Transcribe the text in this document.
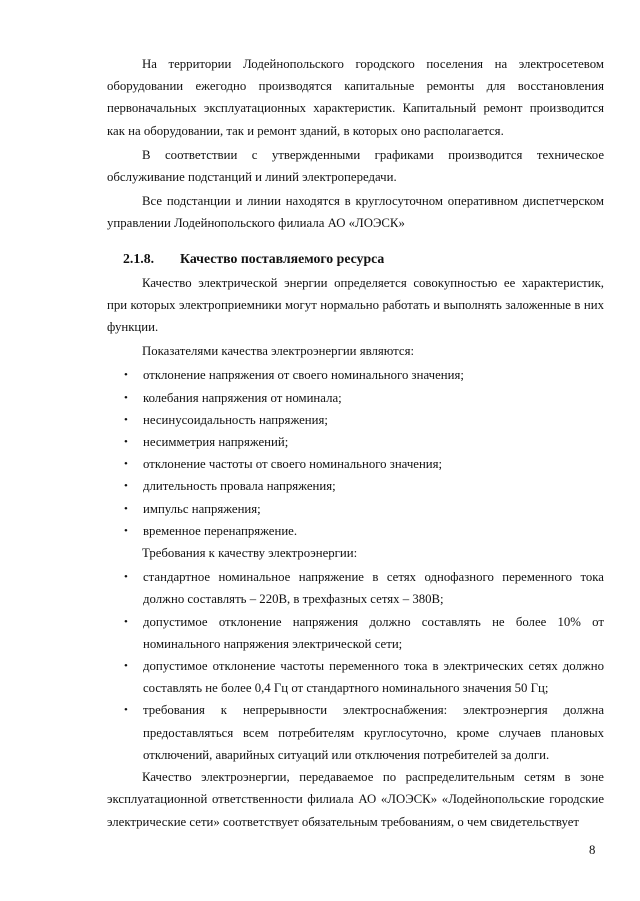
На территории Лодейнопольского городского поселения на электросетевом оборудовании ежегодно производятся капитальные ремонты для восстановления первоначальных эксплуатационных характеристик. Капитальный ремонт производится как на оборудовании, так и ремонт зданий, в которых оно располагается.

В соответствии с утвержденными графиками производится техническое обслуживание подстанций и линий электропередачи.

Все подстанции и линии находятся в круглосуточном оперативном диспетчерском управлении Лодейнопольского филиала АО «ЛОЭСК»

2.1.8. Качество поставляемого ресурса

Качество электрической энергии определяется совокупностью ее характеристик, при которых электроприемники могут нормально работать и выполнять заложенные в них функции.

Показателями качества электроэнергии являются:

• отклонение напряжения от своего номинального значения;
• колебания напряжения от номинала;
• несинусоидальность напряжения;
• несимметрия напряжений;
• отклонение частоты от своего номинального значения;
• длительность провала напряжения;
• импульс напряжения;
• временное перенапряжение.

Требования к качеству электроэнергии:

• стандартное номинальное напряжение в сетях однофазного переменного тока должно составлять – 220В, в трехфазных сетях – 380В;
• допустимое отклонение напряжения должно составлять не более 10% от номинального напряжения электрической сети;
• допустимое отклонение частоты переменного тока в электрических сетях должно составлять не более 0,4 Гц от стандартного номинального значения 50 Гц;
• требования к непрерывности электроснабжения: электроэнергия должна предоставляться всем потребителям круглосуточно, кроме случаев плановых отключений, аварийных ситуаций или отключения потребителей за долги.

Качество электроэнергии, передаваемое по распределительным сетям в зоне эксплуатационной ответственности филиала АО «ЛОЭСК» «Лодейнопольские городские электрические сети» соответствует обязательным требованиям, о чем свидетельствует

8
